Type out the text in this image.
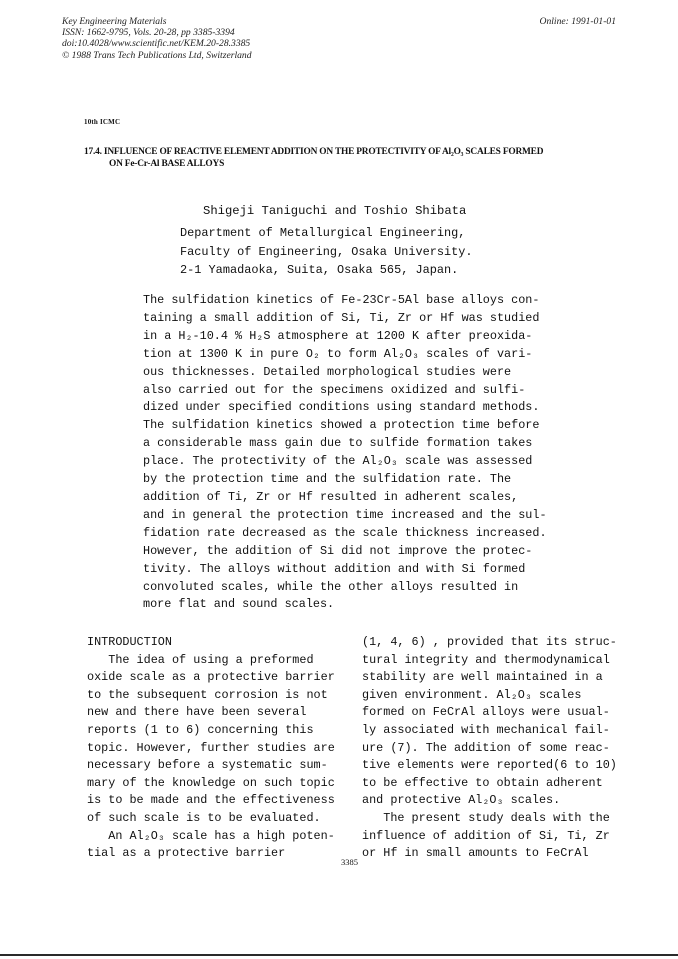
Key Engineering Materials
ISSN: 1662-9795, Vols. 20-28, pp 3385-3394
doi:10.4028/www.scientific.net/KEM.20-28.3385
© 1988 Trans Tech Publications Ltd, Switzerland
Online: 1991-01-01
10th ICMC
17.4. INFLUENCE OF REACTIVE ELEMENT ADDITION ON THE PROTECTIVITY OF Al₂O₃ SCALES FORMED
ON Fe-Cr-Al BASE ALLOYS
Shigeji Taniguchi and Toshio Shibata
Department of Metallurgical Engineering,
Faculty of Engineering, Osaka University.
2-1 Yamadaoka, Suita, Osaka 565, Japan.
The sulfidation kinetics of Fe-23Cr-5Al base alloys con-
taining a small addition of Si, Ti, Zr or Hf was studied
in a H₂-10.4 % H₂S atmosphere at 1200 K after preoxida-
tion at 1300 K in pure O₂ to form Al₂O₃ scales of vari-
ous thicknesses. Detailed morphological studies were
also carried out for the specimens oxidized and sulfi-
dized under specified conditions using standard methods.
The sulfidation kinetics showed a protection time before
a considerable mass gain due to sulfide formation takes
place. The protectivity of the Al₂O₃ scale was assessed
by the protection time and the sulfidation rate. The
addition of Ti, Zr or Hf resulted in adherent scales,
and in general the protection time increased and the sul-
fidation rate decreased as the scale thickness increased.
However, the addition of Si did not improve the protec-
tivity. The alloys without addition and with Si formed
convoluted scales, while the other alloys resulted in
more flat and sound scales.
INTRODUCTION
The idea of using a preformed
oxide scale as a protective barrier
to the subsequent corrosion is not
new and there have been several
reports (1 to 6) concerning this
topic. However, further studies are
necessary before a systematic sum-
mary of the knowledge on such topic
is to be made and the effectiveness
of such scale is to be evaluated.
An Al₂O₃ scale has a high poten-
tial as a protective barrier
(1, 4, 6) , provided that its struc-
tural integrity and thermodynamical
stability are well maintained in a
given environment. Al₂O₃ scales
formed on FeCrAl alloys were usual-
ly associated with mechanical fail-
ure (7). The addition of some reac-
tive elements were reported(6 to 10)
to be effective to obtain adherent
and protective Al₂O₃ scales.
The present study deals with the
influence of addition of Si, Ti, Zr
or Hf in small amounts to FeCrAl
3385
